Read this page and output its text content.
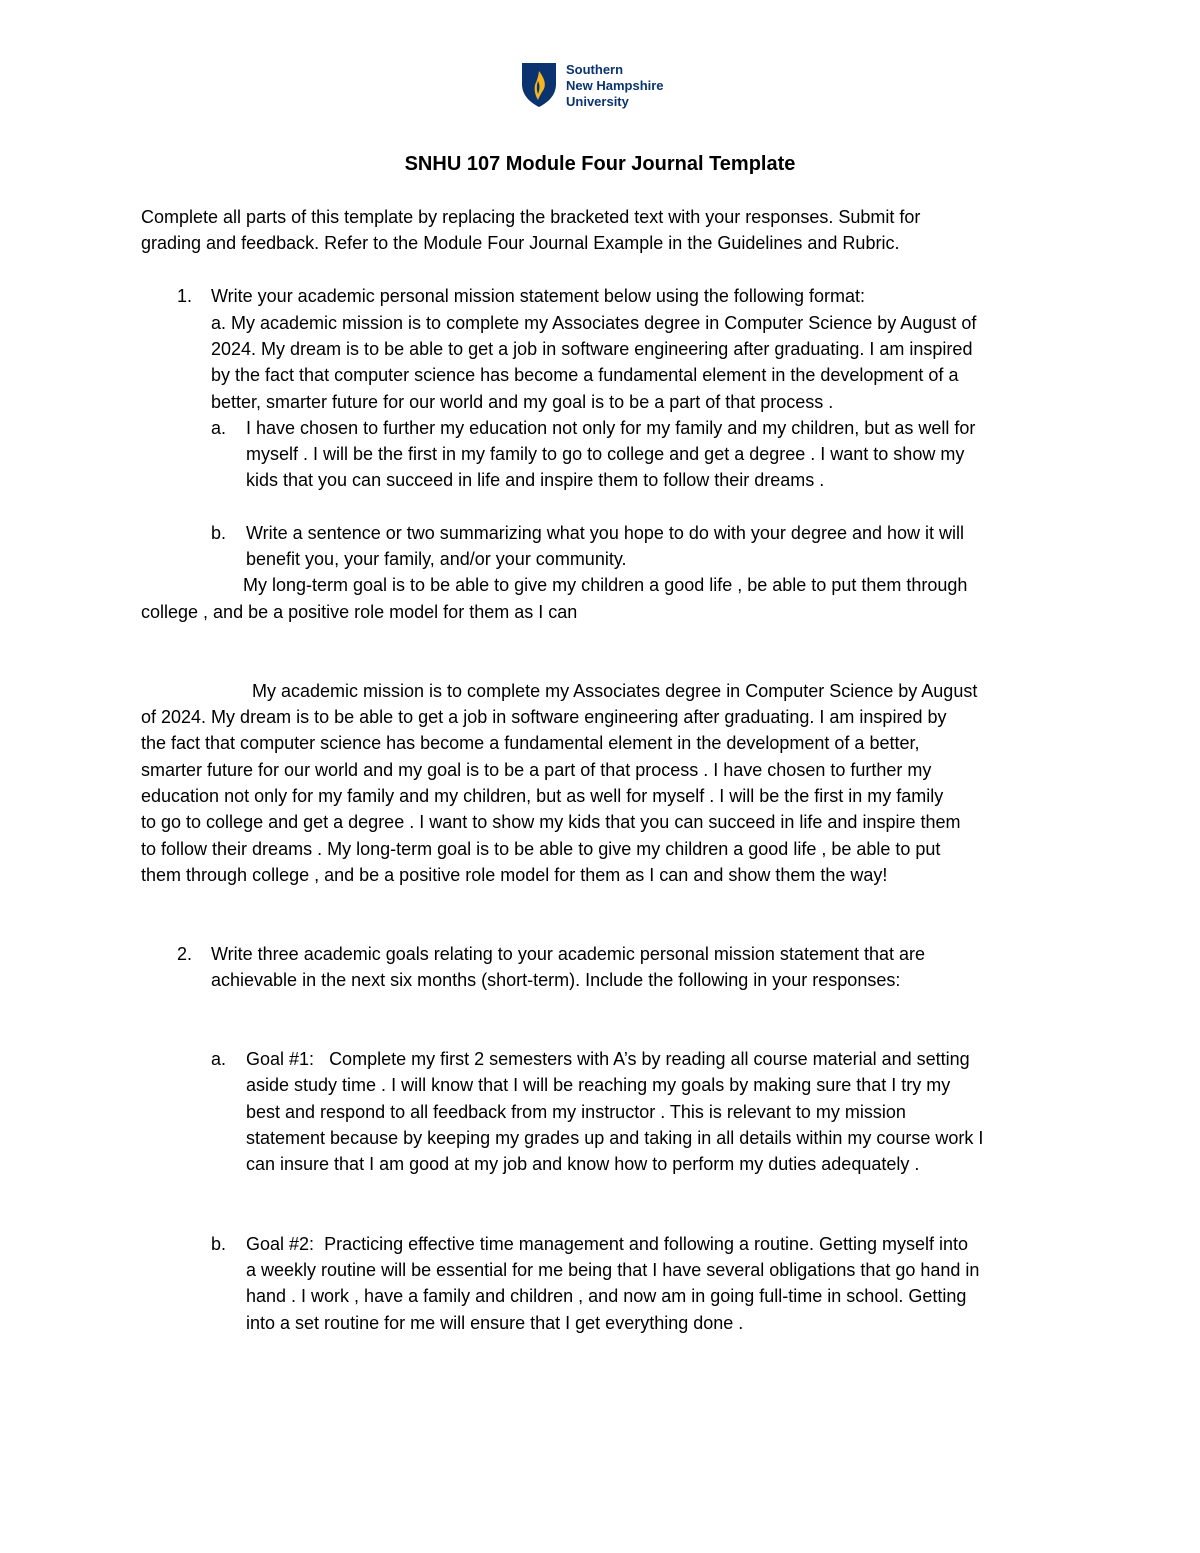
Southern
New Hampshire
University
SNHU 107 Module Four Journal Template
Complete all parts of this template by replacing the bracketed text with your responses. Submit for
grading and feedback. Refer to the Module Four Journal Example in the Guidelines and Rubric.
1. Write your academic personal mission statement below using the following format:
a. My academic mission is to complete my Associates degree in Computer Science by August of
2024. My dream is to be able to get a job in software engineering after graduating. I am inspired
by the fact that computer science has become a fundamental element in the development of a
better, smarter future for our world and my goal is to be a part of that process .
a. I have chosen to further my education not only for my family and my children, but as well for
myself . I will be the first in my family to go to college and get a degree . I want to show my
kids that you can succeed in life and inspire them to follow their dreams .
b. Write a sentence or two summarizing what you hope to do with your degree and how it will
benefit you, your family, and/or your community.
My long-term goal is to be able to give my children a good life , be able to put them through
college , and be a positive role model for them as I can
My academic mission is to complete my Associates degree in Computer Science by August
of 2024. My dream is to be able to get a job in software engineering after graduating. I am inspired by
the fact that computer science has become a fundamental element in the development of a better,
smarter future for our world and my goal is to be a part of that process . I have chosen to further my
education not only for my family and my children, but as well for myself . I will be the first in my family
to go to college and get a degree . I want to show my kids that you can succeed in life and inspire them
to follow their dreams . My long-term goal is to be able to give my children a good life , be able to put
them through college , and be a positive role model for them as I can and show them the way!
2. Write three academic goals relating to your academic personal mission statement that are
achievable in the next six months (short-term). Include the following in your responses:
a. Goal #1: Complete my first 2 semesters with A’s by reading all course material and setting
aside study time . I will know that I will be reaching my goals by making sure that I try my
best and respond to all feedback from my instructor . This is relevant to my mission
statement because by keeping my grades up and taking in all details within my course work I
can insure that I am good at my job and know how to perform my duties adequately .
b. Goal #2: Practicing effective time management and following a routine. Getting myself into
a weekly routine will be essential for me being that I have several obligations that go hand in
hand . I work , have a family and children , and now am in going full-time in school. Getting
into a set routine for me will ensure that I get everything done .
